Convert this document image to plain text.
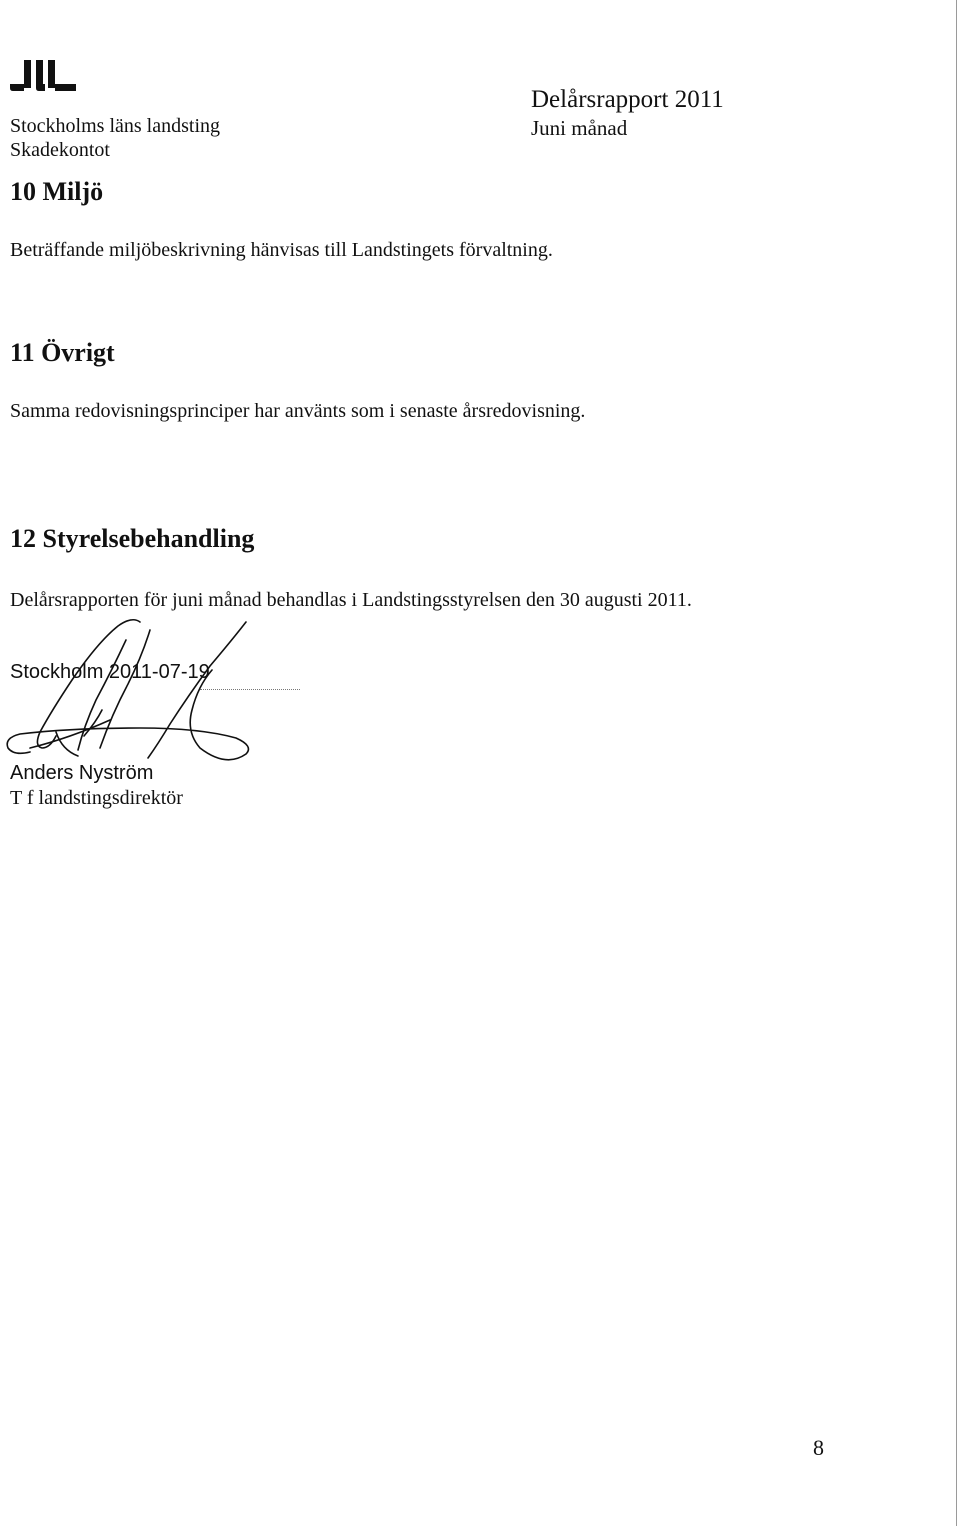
Stockholms läns landsting
Skadekontot
Delårsrapport 2011
Juni månad
10 Miljö
Beträffande miljöbeskrivning hänvisas till Landstingets förvaltning.
11 Övrigt
Samma redovisningsprinciper har använts som i senaste årsredovisning.
12 Styrelsebehandling
Delårsrapporten för juni månad behandlas i Landstingsstyrelsen den 30 augusti 2011.
Stockholm 2011-07-19
Anders Nyström
T f landstingsdirektör
8
